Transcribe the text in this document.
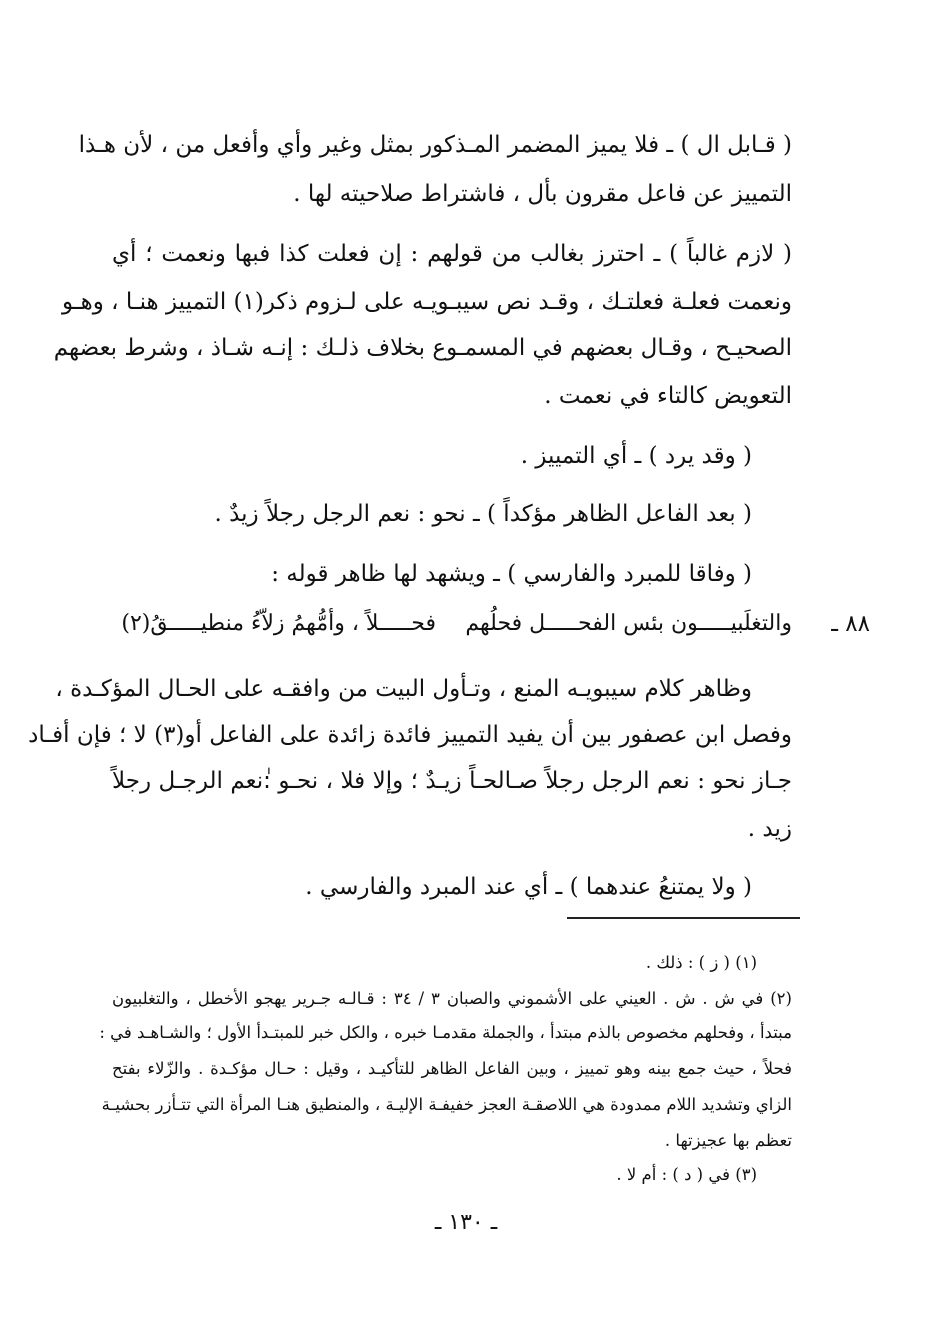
( قـابل ال ) ـ فلا يميز المضمر المـذكور بمثل وغير وأي وأفعل من ، لأن هـذا
التمييز عن فاعل مقرون بأل ، فاشتراط صلاحيته لها .
( لازم غالباً ) ـ احترز بغالب من قولهم : إن فعلت كذا فبها ونعمت ؛ أي
ونعمت فعلـة فعلتـك ، وقـد نص سيبـويـه على لـزوم ذكر(١) التمييز هنـا ، وهـو
الصحيـح ، وقـال بعضهم في المسمـوع بخلاف ذلـك : إنـه شـاذ ، وشرط بعضهم
التعويض كالتاء في نعمت .
( وقد يرد ) ـ أي التمييز .
( بعد الفاعل الظاهر مؤكداً ) ـ نحو : نعم الرجل رجلاً زيدٌ .
( وفاقا للمبرد والفارسي ) ـ ويشهد لها ظاهر قوله :
٨٨ ـ
والتغلَبيـــــون بئس الفحـــــل فحلُهم
فحـــــلاً ، وأمُّهمُ زلاّءُ منطيـــــقُ(٢)
وظاهر كلام سيبويـه المنع ، وتـأول البيت من وافقـه على الحـال المؤكـدة ،
وفصل ابن عصفور بين أن يفيد التمييز فائدة زائدة على الفاعل أو(٣) لا ؛ فإن أفـاد
جـاز نحو : نعم الرجل رجلاً صـالحـاً زيـدٌ ؛ وإلا فلا ، نحـو :ٰنعم الرجـل رجلاً
زيد .
( ولا يمتنعُ عندهما ) ـ أي عند المبرد والفارسي .
(١) ( ز ) : ذلك .
(٢) في ش . ش . العيني على الأشموني والصبان ٣ / ٣٤ : قـالـه جـرير يهجو الأخطل ، والتغلبيون
مبتدأ ، وفحلهم مخصوص بالذم مبتدأ ، والجملة مقدمـا خبره ، والكل خبر للمبتـدأ الأول ؛ والشـاهـد في :
فحلاً ، حيث جمع بينه وهو تمييز ، وبين الفاعل الظاهر للتأكيـد ، وقيل : حـال مؤكـدة . والزّلاء بفتح
الزاي وتشديد اللام ممدودة هي اللاصقـة العجز خفيفـة الإليـة ، والمنطيق هنـا المرأة التي تتـأزر بحشيـة
تعظم بها عجيزتها .
(٣) في ( د ) : أم لا .
ـ ١٣٠ ـ
